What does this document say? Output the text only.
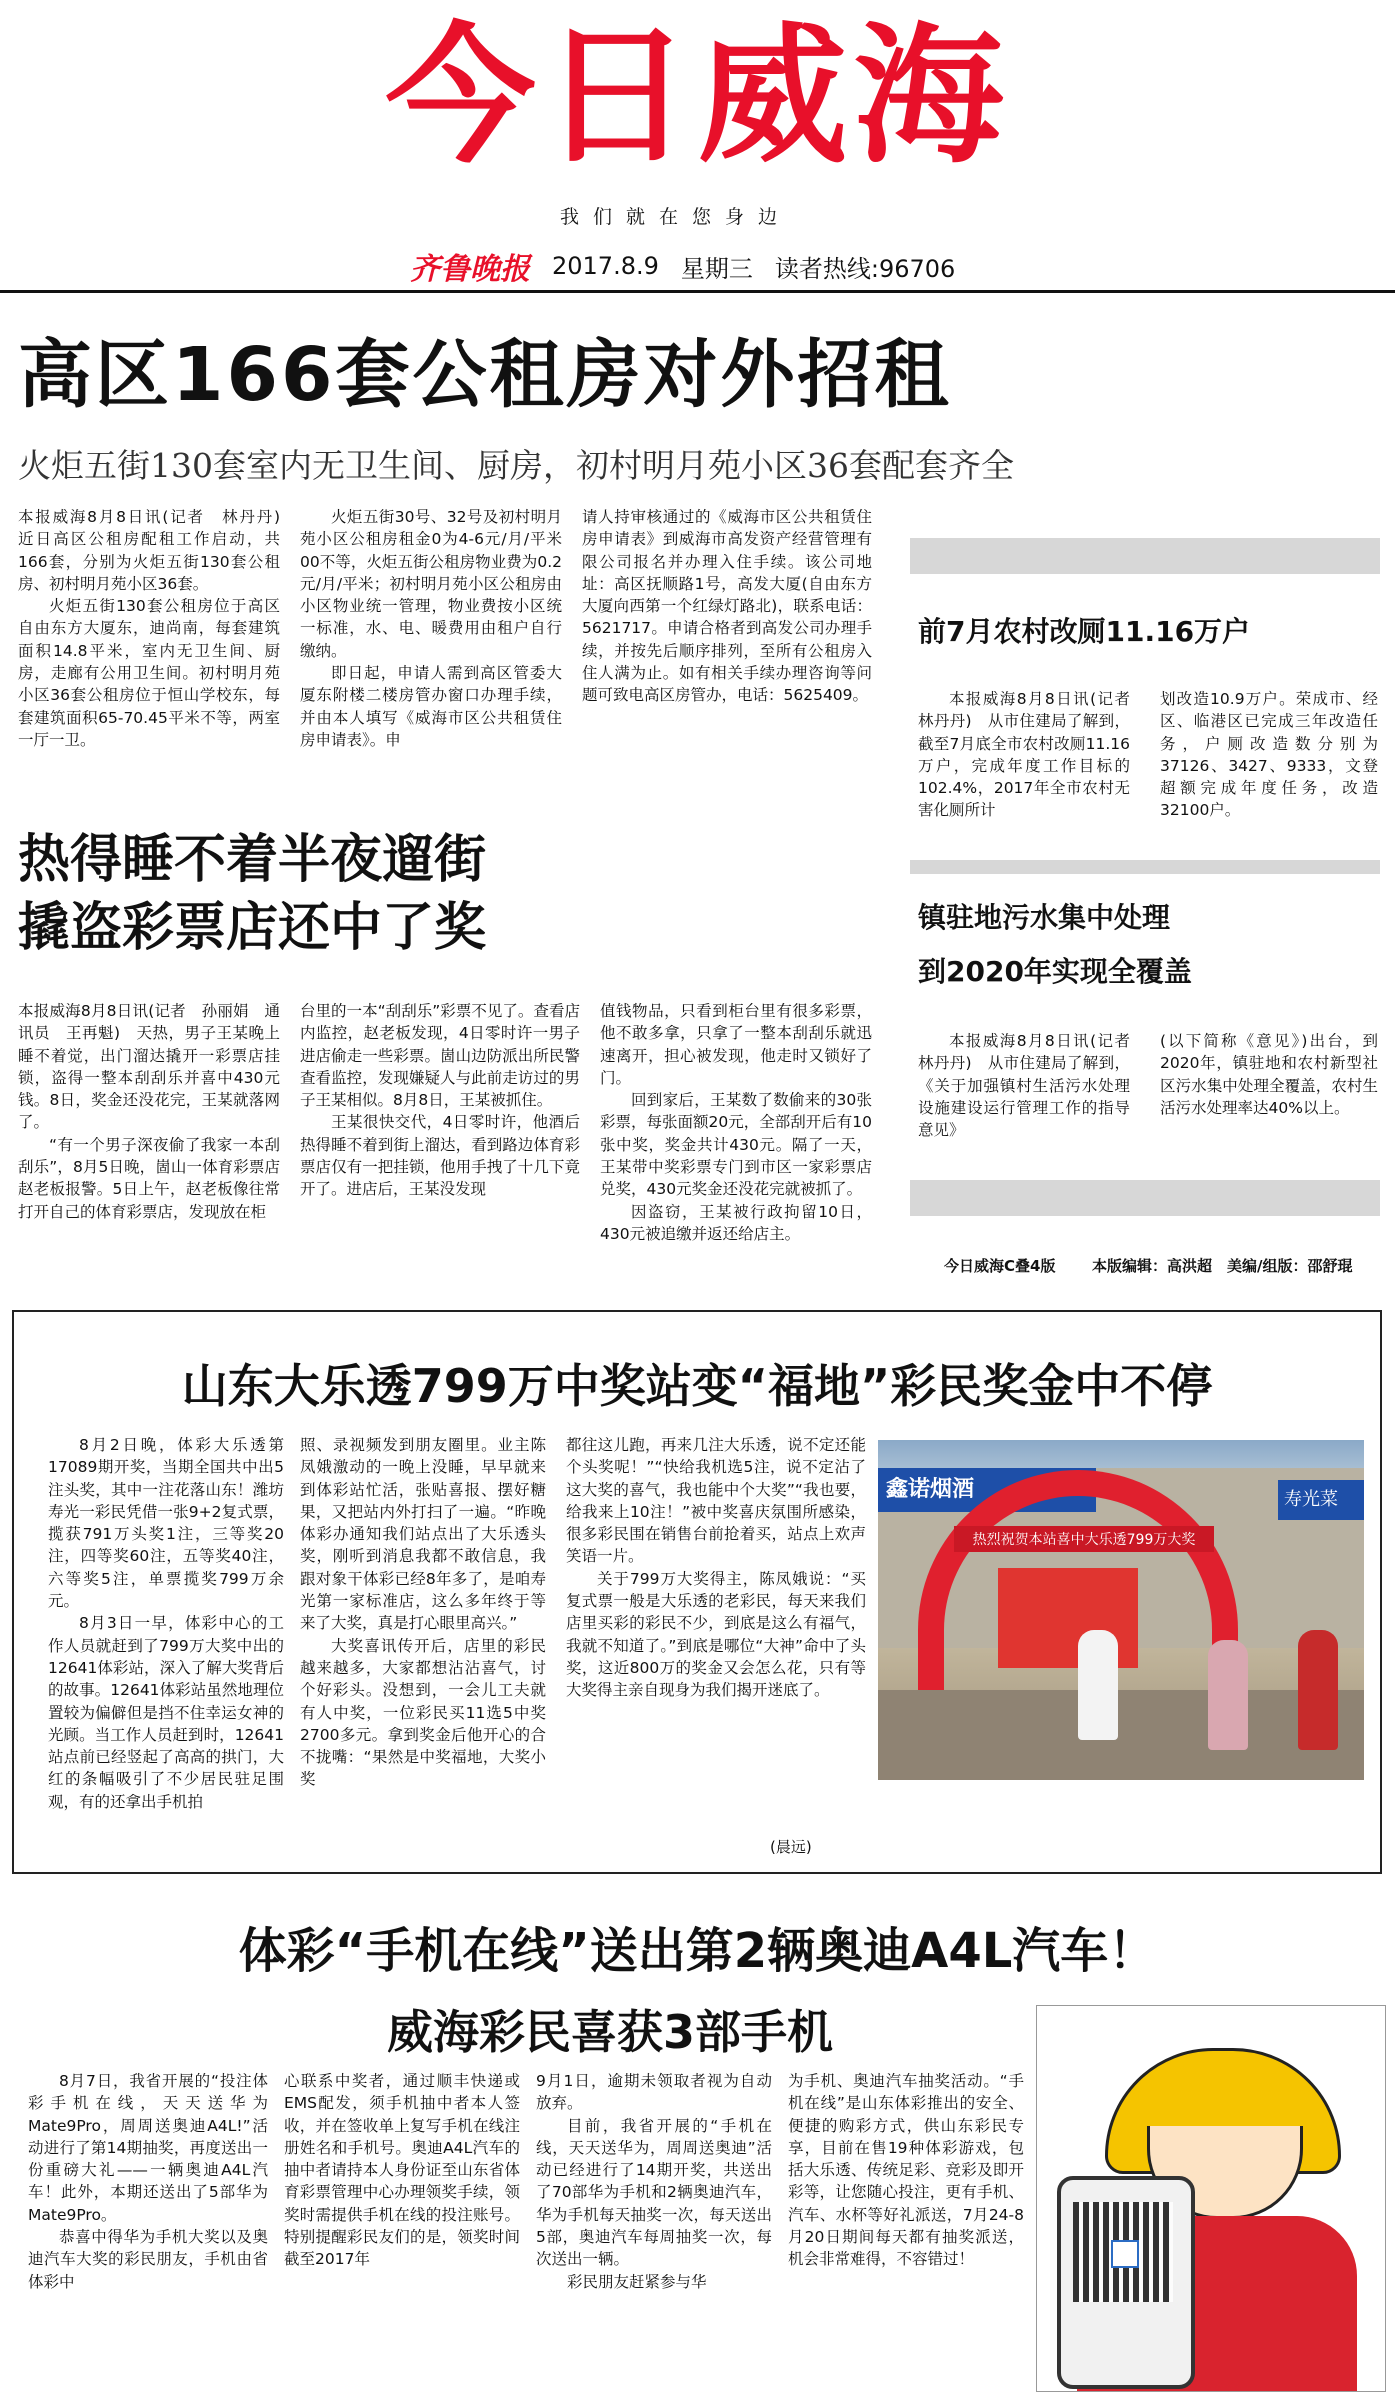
今日威海
我们就在您身边
齐鲁晚报 2017.8.9 星期三 读者热线:96706
高区166套公租房对外招租
火炬五街130套室内无卫生间、厨房，初村明月苑小区36套配套齐全

本报威海8月8日讯(记者　林丹丹)　近日高区公租房配租工作启动，共166套，分别为火炬五街130套公租房、初村明月苑小区36套。

火炬五街130套公租房位于高区自由东方大厦东，迪尚南，每套建筑面积14.8平米，室内无卫生间、厨房，走廊有公用卫生间。初村明月苑小区36套公租房位于恒山学校东，每套建筑面积65-70.45平米不等，两室一厅一卫。

火炬五街30号、32号及初村明月苑小区公租房租金0为4-6元/月/平米00不等，火炬五街公租房物业费为0.2元/月/平米；初村明月苑小区公租房由小区物业统一管理，物业费按小区统一标准，水、电、暖费用由租户自行缴纳。

即日起，申请人需到高区管委大厦东附楼二楼房管办窗口办理手续，并由本人填写《威海市区公共租赁住房申请表》。申

请人持审核通过的《威海市区公共租赁住房申请表》到威海市高发资产经营管理有限公司报名并办理入住手续。该公司地址：高区抚顺路1号，高发大厦(自由东方大厦向西第一个红绿灯路北)，联系电话：5621717。申请合格者到高发公司办理手续，并按先后顺序排列，至所有公租房入住人满为止。如有相关手续办理咨询等问题可致电高区房管办，电话：5625409。

热得睡不着半夜遛街
撬盗彩票店还中了奖

本报威海8月8日讯(记者　孙丽娟　通讯员　王再魁)　天热，男子王某晚上睡不着觉，出门溜达撬开一彩票店挂锁，盗得一整本刮刮乐并喜中430元钱。8日，奖金还没花完，王某就落网了。

“有一个男子深夜偷了我家一本刮刮乐”，8月5日晚，崮山一体育彩票店赵老板报警。5日上午，赵老板像往常打开自己的体育彩票店，发现放在柜

台里的一本“刮刮乐”彩票不见了。查看店内监控，赵老板发现，4日零时许一男子进店偷走一些彩票。崮山边防派出所民警查看监控，发现嫌疑人与此前走访过的男子王某相似。8月8日，王某被抓住。

王某很快交代，4日零时许，他酒后热得睡不着到街上溜达，看到路边体育彩票店仅有一把挂锁，他用手拽了十几下竟开了。进店后，王某没发现

值钱物品，只看到柜台里有很多彩票，他不敢多拿，只拿了一整本刮刮乐就迅速离开，担心被发现，他走时又锁好了门。

回到家后，王某数了数偷来的30张彩票，每张面额20元，全部刮开后有10张中奖，奖金共计430元。隔了一天，王某带中奖彩票专门到市区一家彩票店兑奖，430元奖金还没花完就被抓了。

因盗窃，王某被行政拘留10日，430元被追缴并返还给店主。

前7月农村改厕11.16万户

本报威海8月8日讯(记者　林丹丹)　从市住建局了解到，截至7月底全市农村改厕11.16万户，完成年度工作目标的102.4%，2017年全市农村无害化厕所计

划改造10.9万户。荣成市、经区、临港区已完成三年改造任务，户厕改造数分别为37126、3427、9333，文登超额完成年度任务，改造32100户。

镇驻地污水集中处理
到2020年实现全覆盖

本报威海8月8日讯(记者　林丹丹)　从市住建局了解到，《关于加强镇村生活污水处理设施建设运行管理工作的指导意见》

(以下简称《意见》)出台，到2020年，镇驻地和农村新型社区污水集中处理全覆盖，农村生活污水处理率达40%以上。

今日威海C叠4版 本版编辑：高洪超　美编/组版：邵舒琨
山东大乐透799万中奖站变“福地”彩民奖金中不停

8月2日晚，体彩大乐透第17089期开奖，当期全国共中出5注头奖，其中一注花落山东！潍坊寿光一彩民凭借一张9+2复式票，揽获791万头奖1注，三等奖20注，四等奖60注，五等奖40注，六等奖5注，单票揽奖799万余元。

8月3日一早，体彩中心的工作人员就赶到了799万大奖中出的12641体彩站，深入了解大奖背后的故事。12641体彩站虽然地理位置较为偏僻但是挡不住幸运女神的光顾。当工作人员赶到时，12641站点前已经竖起了高高的拱门，大红的条幅吸引了不少居民驻足围观，有的还拿出手机拍

照、录视频发到朋友圈里。业主陈凤娥激动的一晚上没睡，早早就来到体彩站忙活，张贴喜报、摆好糖果，又把站内外打扫了一遍。“昨晚体彩办通知我们站点出了大乐透头奖，刚听到消息我都不敢信息，我跟对象干体彩已经8年多了，是咱寿光第一家标准店，这么多年终于等来了大奖，真是打心眼里高兴。”

大奖喜讯传开后，店里的彩民越来越多，大家都想沾沾喜气，讨个好彩头。没想到，一会儿工夫就有人中奖，一位彩民买11选5中奖2700多元。拿到奖金后他开心的合不拢嘴：“果然是中奖福地，大奖小奖

都往这儿跑，再来几注大乐透，说不定还能个头奖呢！”“快给我机选5注，说不定沾了这大奖的喜气，我也能中个大奖”“我也要，给我来上10注！”被中奖喜庆氛围所感染，很多彩民围在销售台前抢着买，站点上欢声笑语一片。

关于799万大奖得主，陈凤娥说：“买复式票一般是大乐透的老彩民，每天来我们店里买彩的彩民不少，到底是这么有福气，我就不知道了。”到底是哪位“大神”命中了头奖，这近800万的奖金又会怎么花，只有等大奖得主亲自现身为我们揭开迷底了。

(晨远)
鑫诺烟酒	寿光菜
热烈祝贺本站喜中大乐透799万大奖
体彩“手机在线”送出第2辆奥迪A4L汽车！
威海彩民喜获3部手机

8月7日，我省开展的“投注体彩手机在线，天天送华为Mate9Pro，周周送奥迪A4L!”活动进行了第14期抽奖，再度送出一份重磅大礼——一辆奥迪A4L汽车！此外，本期还送出了5部华为Mate9Pro。

恭喜中得华为手机大奖以及奥迪汽车大奖的彩民朋友，手机由省体彩中

心联系中奖者，通过顺丰快递或EMS配发，须手机抽中者本人签收，并在签收单上复写手机在线注册姓名和手机号。奥迪A4L汽车的抽中者请持本人身份证至山东省体育彩票管理中心办理领奖手续，领奖时需提供手机在线的投注账号。特别提醒彩民友们的是，领奖时间截至2017年

9月1日，逾期未领取者视为自动放弃。

目前，我省开展的“手机在线，天天送华为，周周送奥迪”活动已经进行了14期开奖，共送出了70部华为手机和2辆奥迪汽车，华为手机每天抽奖一次，每天送出5部，奥迪汽车每周抽奖一次，每次送出一辆。

彩民朋友赶紧参与华

为手机、奥迪汽车抽奖活动。“手机在线”是山东体彩推出的安全、便捷的购彩方式，供山东彩民专享，目前在售19种体彩游戏，包括大乐透、传统足彩、竞彩及即开彩等，让您随心投注，更有手机、汽车、水杯等好礼派送，7月24-8月20日期间每天都有抽奖派送，机会非常难得，不容错过！
